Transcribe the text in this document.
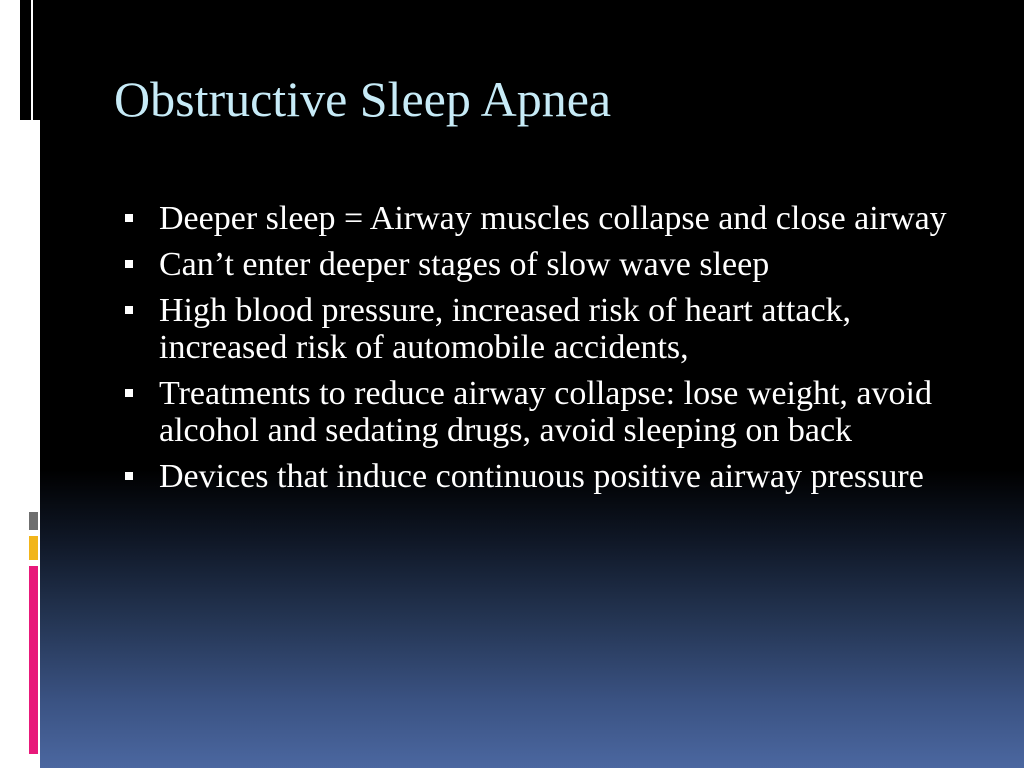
Obstructive Sleep Apnea
Deeper sleep = Airway muscles collapse and close airway
Can’t enter deeper stages of slow wave sleep
High blood pressure, increased risk of heart attack, increased risk of automobile accidents,
Treatments to reduce airway collapse: lose weight, avoid alcohol and sedating drugs, avoid sleeping on back
Devices that induce continuous positive airway pressure
